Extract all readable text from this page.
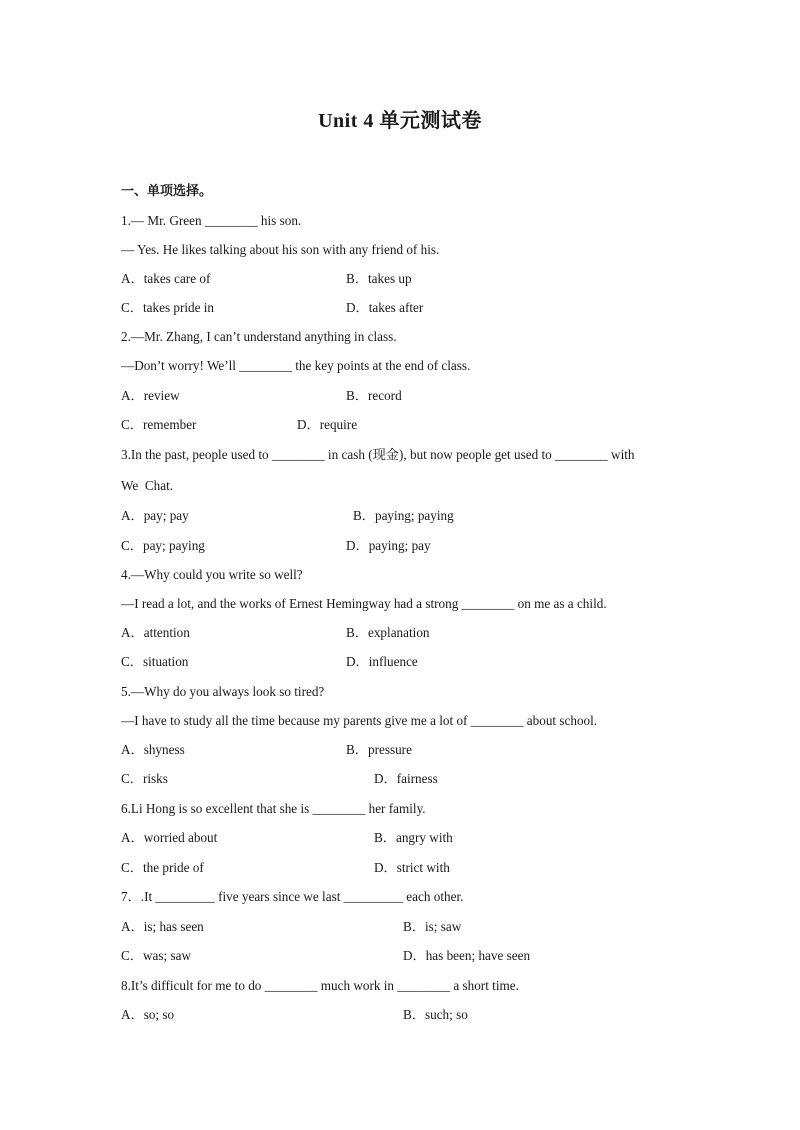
Unit 4 单元测试卷
一、单项选择。
1.— Mr. Green ________ his son.
— Yes. He likes talking about his son with any friend of his.
A．takes care of	B．takes up
C．takes pride in	D．takes after
2.—Mr. Zhang, I can’t understand anything in class.
—Don’t worry! We’ll ________ the key points at the end of class.
A．review	B．record
C．remember	D．require
3.In the past, people used to ________ in cash (现金), but now people get used to ________ with
We  Chat.
A．pay; pay	B．paying; paying
C．pay; paying	D．paying; pay
4.—Why could you write so well?
—I read a lot, and the works of Ernest Hemingway had a strong ________ on me as a child.
A．attention	B．explanation
C．situation	D．influence
5.—Why do you always look so tired?
—I have to study all the time because my parents give me a lot of ________ about school.
A．shyness	B．pressure
C．risks	D．fairness
6.Li Hong is so excellent that she is ________ her family.
A．worried about	B．angry with
C．the pride of	D．strict with
7．.It _________ five years since we last _________ each other.
A．is; has seen	B．is; saw
C．was; saw	D．has been; have seen
8.It’s difficult for me to do ________ much work in ________ a short time.
A．so; so	B．such; so
